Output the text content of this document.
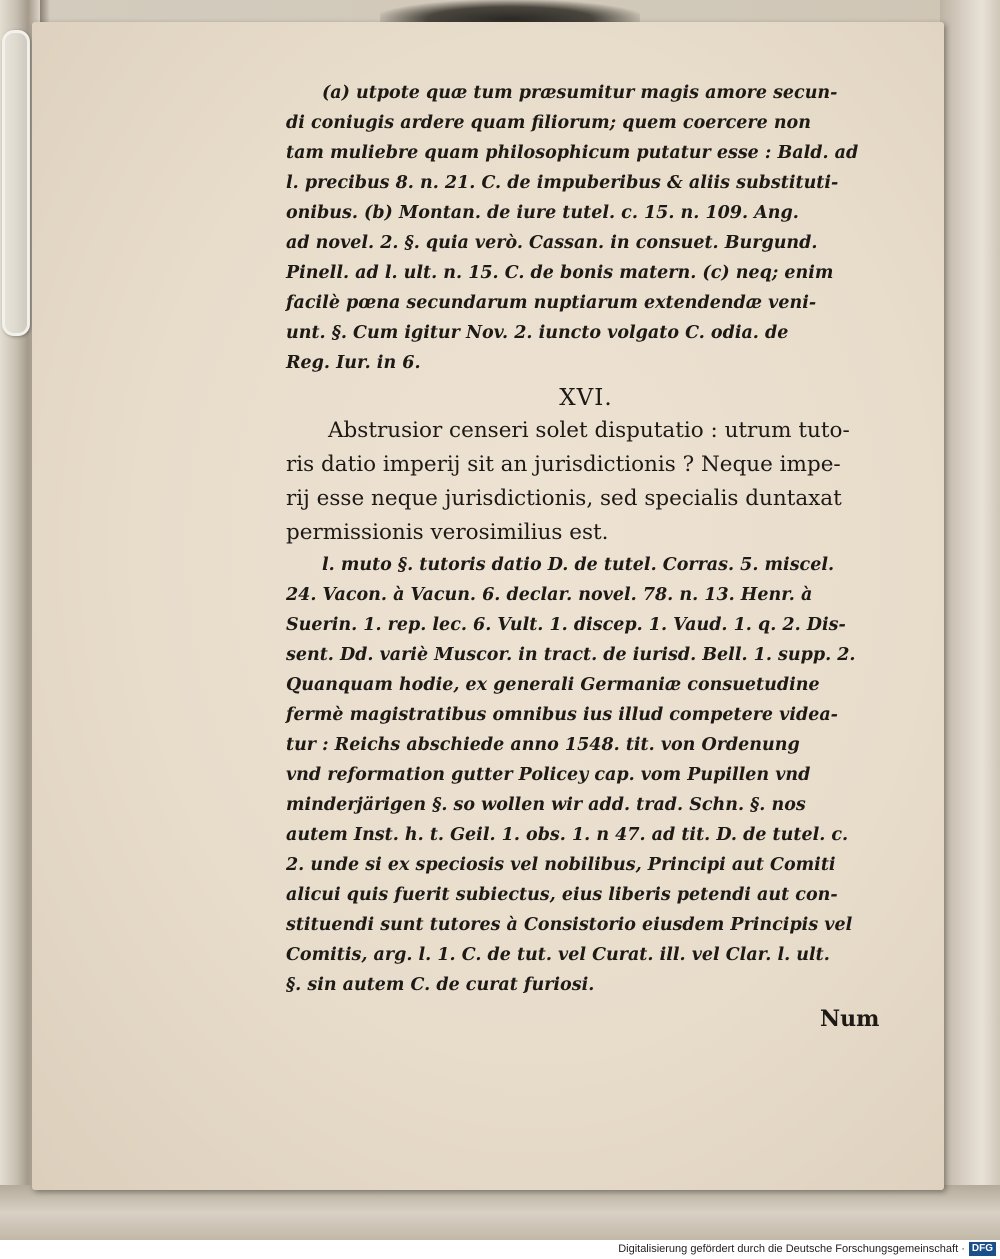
(a) utpote quæ tum præsumitur magis amore secun-

di coniugis ardere quam filiorum; quem coercere non

tam muliebre quam philosophicum putatur esse : Bald. ad

l. precibus 8. n. 21. C. de impuberibus & aliis substituti-

onibus. (b) Montan. de iure tutel. c. 15. n. 109. Ang.

ad novel. 2. §. quia verò. Cassan. in consuet. Burgund.

Pinell. ad l. ult. n. 15. C. de bonis matern. (c) neq; enim

facilè pœna secundarum nuptiarum extendendæ veni-

unt. §. Cum igitur Nov. 2. iuncto volgato C. odia. de

Reg. Iur. in 6.

XVI.

Abstrusior censeri solet disputatio : utrum tuto-

ris datio imperij sit an jurisdictionis ? Neque impe-

rij esse neque jurisdictionis, sed specialis duntaxat

permissionis verosimilius est.

l. muto §. tutoris datio D. de tutel. Corras. 5. miscel.

24. Vacon. à Vacun. 6. declar. novel. 78. n. 13. Henr. à

Suerin. 1. rep. lec. 6. Vult. 1. discep. 1. Vaud. 1. q. 2. Dis-

sent. Dd. variè Muscor. in tract. de iurisd. Bell. 1. supp. 2.

Quanquam hodie, ex generali Germaniæ consuetudine

fermè magistratibus omnibus ius illud competere videa-

tur : Reichs abschiede anno 1548. tit. von Ordenung

vnd reformation gutter Policey cap. vom Pupillen vnd

minderjärigen §. so wollen wir add. trad. Schn. §. nos

autem Inst. h. t. Geil. 1. obs. 1. n 47. ad tit. D. de tutel. c.

2. unde si ex speciosis vel nobilibus, Principi aut Comiti

alicui quis fuerit subiectus, eius liberis petendi aut con-

stituendi sunt tutores à Consistorio eiusdem Principis vel

Comitis, arg. l. 1. C. de tut. vel Curat. ill. vel Clar. l. ult.

§. sin autem C. de curat furiosi.

Num
Digitalisierung gefördert durch die Deutsche Forschungsgemeinschaft · DFG
